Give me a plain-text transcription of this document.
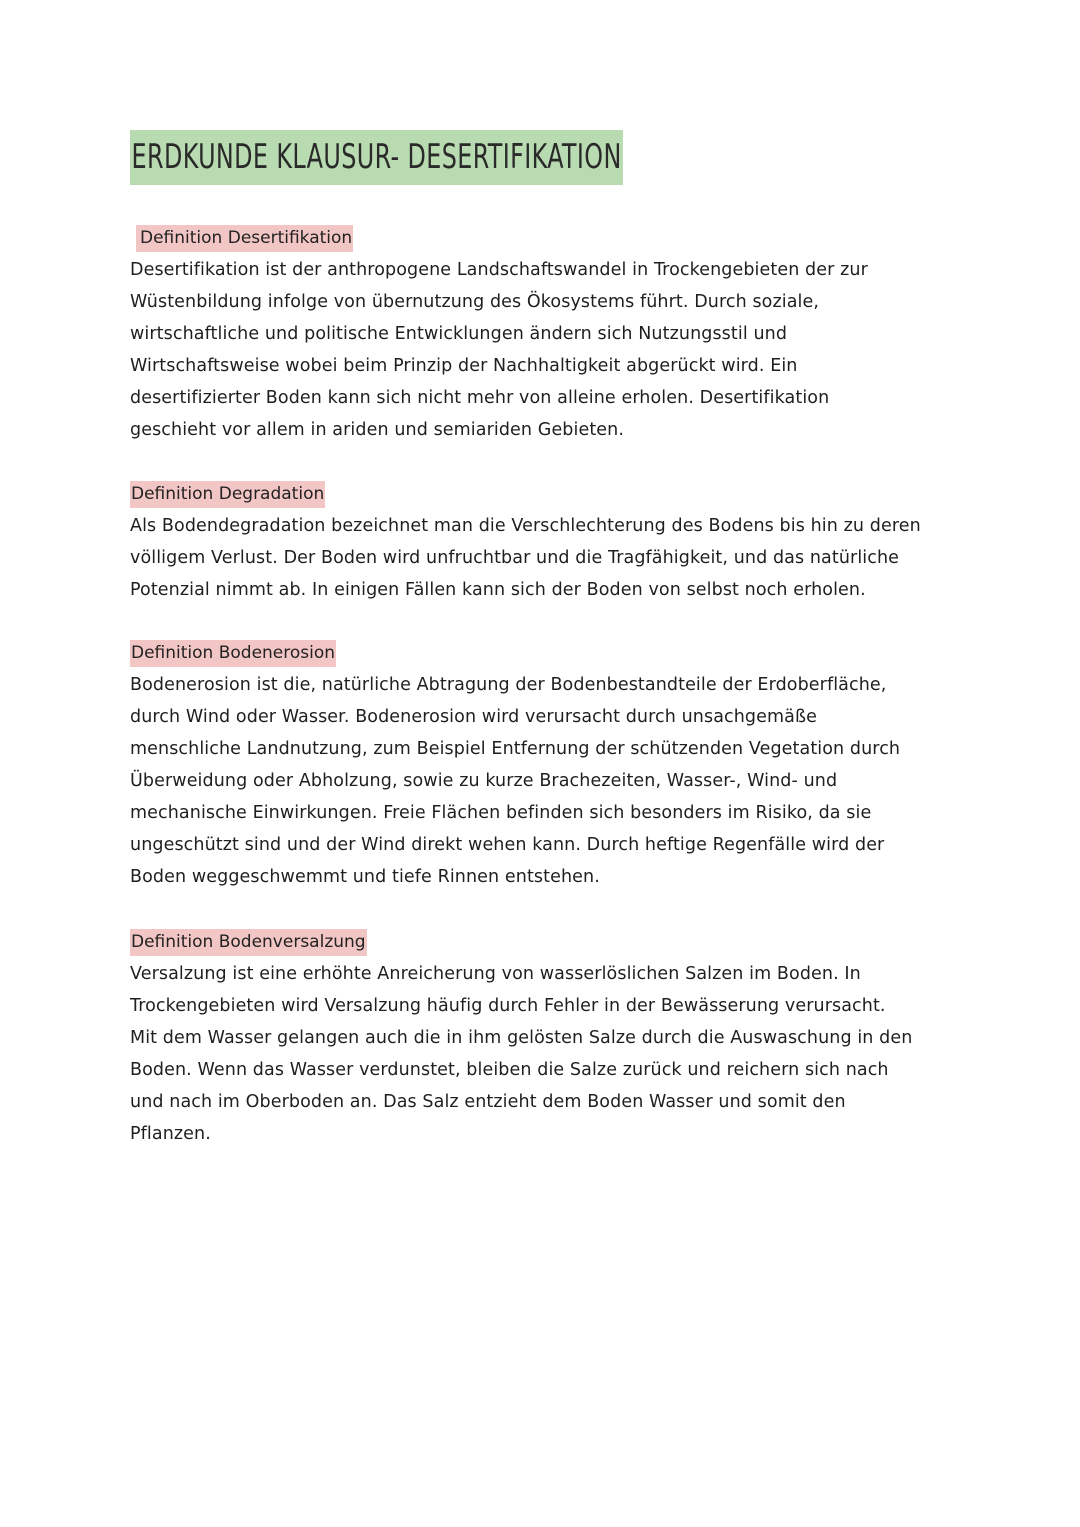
ERDKUNDE KLAUSUR- DESERTIFIKATION
Definition Desertifikation
Desertifikation ist der anthropogene Landschaftswandel in Trockengebieten der zur
Wüstenbildung infolge von übernutzung des Ökosystems führt. Durch soziale,
wirtschaftliche und politische Entwicklungen ändern sich Nutzungsstil und
Wirtschaftsweise wobei beim Prinzip der Nachhaltigkeit abgerückt wird. Ein
desertifizierter Boden kann sich nicht mehr von alleine erholen. Desertifikation
geschieht vor allem in ariden und semiariden Gebieten.
Definition Degradation
Als Bodendegradation bezeichnet man die Verschlechterung des Bodens bis hin zu deren
völligem Verlust. Der Boden wird unfruchtbar und die Tragfähigkeit, und das natürliche
Potenzial nimmt ab. In einigen Fällen kann sich der Boden von selbst noch erholen.
Definition Bodenerosion
Bodenerosion ist die, natürliche Abtragung der Bodenbestandteile der Erdoberfläche,
durch Wind oder Wasser. Bodenerosion wird verursacht durch unsachgemäße
menschliche Landnutzung, zum Beispiel Entfernung der schützenden Vegetation durch
Überweidung oder Abholzung, sowie zu kurze Brachezeiten, Wasser-, Wind- und
mechanische Einwirkungen. Freie Flächen befinden sich besonders im Risiko, da sie
ungeschützt sind und der Wind direkt wehen kann. Durch heftige Regenfälle wird der
Boden weggeschwemmt und tiefe Rinnen entstehen.
Definition Bodenversalzung
Versalzung ist eine erhöhte Anreicherung von wasserlöslichen Salzen im Boden. In
Trockengebieten wird Versalzung häufig durch Fehler in der Bewässerung verursacht.
Mit dem Wasser gelangen auch die in ihm gelösten Salze durch die Auswaschung in den
Boden. Wenn das Wasser verdunstet, bleiben die Salze zurück und reichern sich nach
und nach im Oberboden an. Das Salz entzieht dem Boden Wasser und somit den
Pflanzen.
